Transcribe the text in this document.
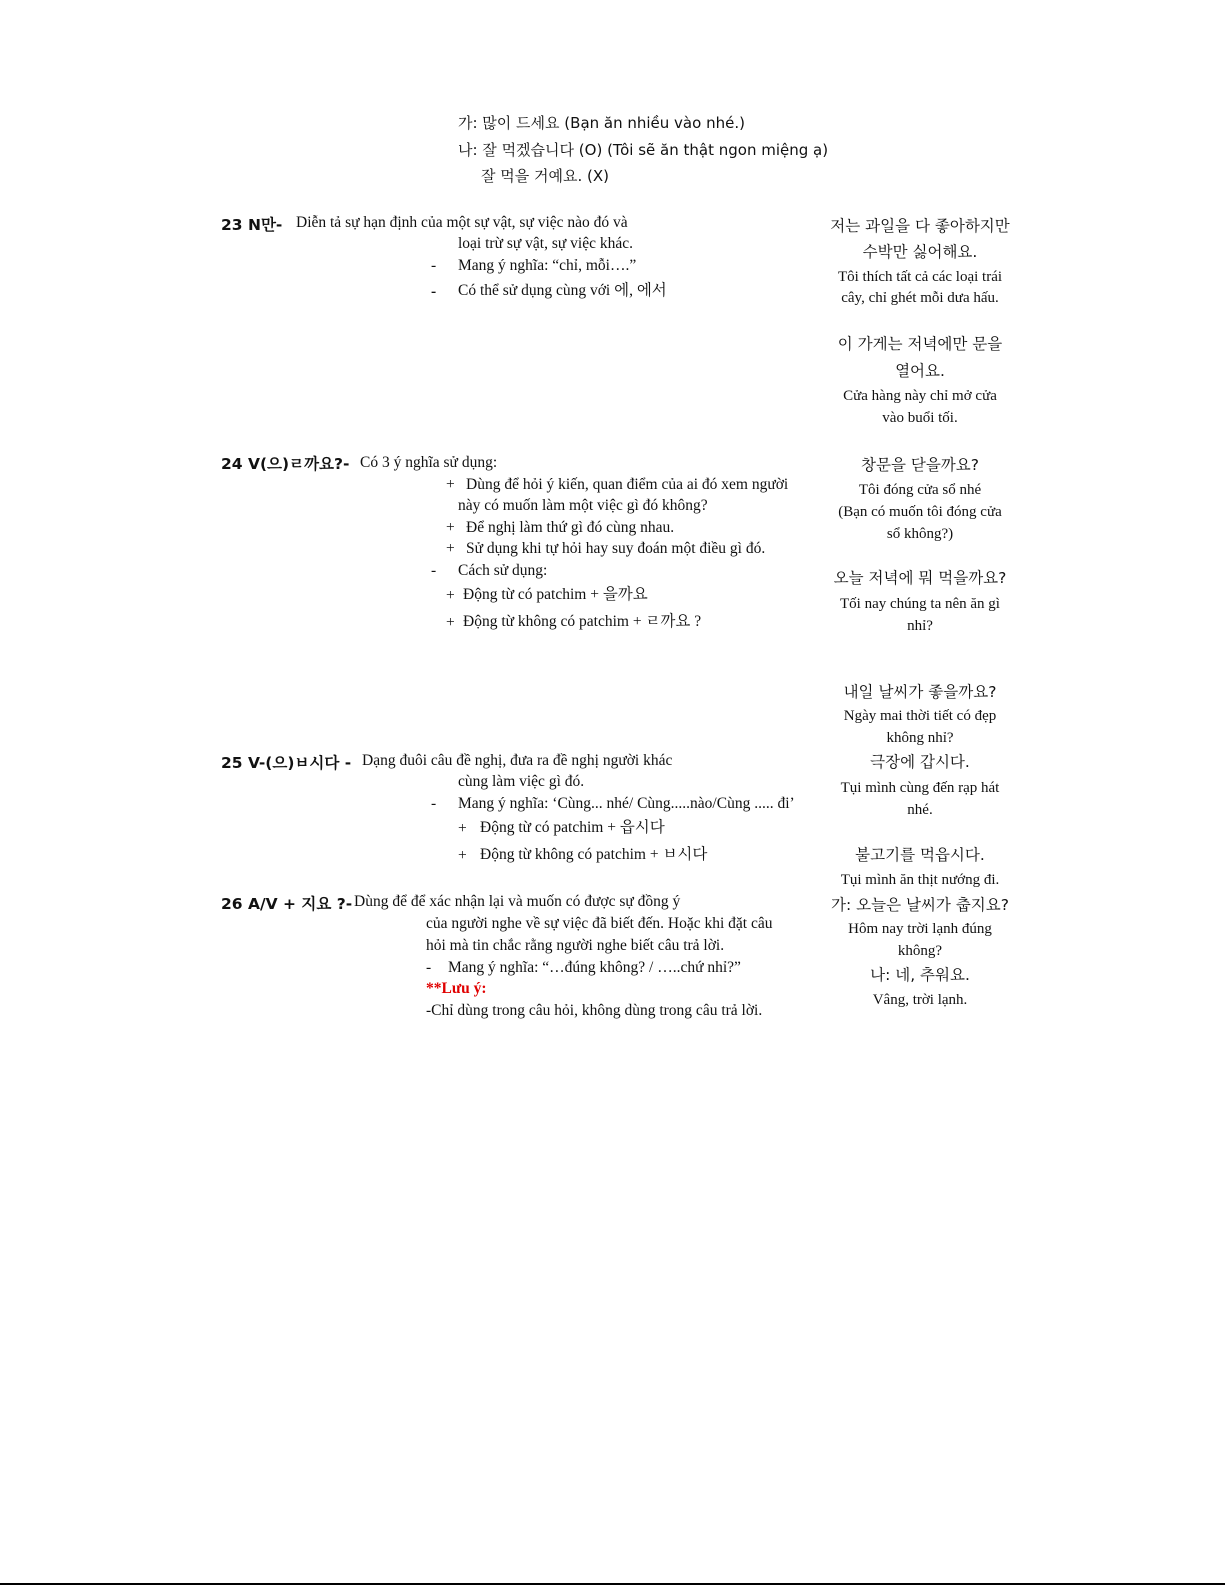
가: 많이 드세요 (Bạn ăn nhiều vào nhé.)
나: 잘 먹겠습니다 (O) (Tôi sẽ ăn thật ngon miệng ạ)
잘 먹을 거예요. (X)
23 N만- Diễn tả sự hạn định của một sự vật, sự việc nào đó và
loại trừ sự vật, sự việc khác.
- Mang ý nghĩa: “chỉ, mỗi….”
- Có thể sử dụng cùng với 에, 에서
저는 과일을 다 좋아하지만
수박만 싫어해요.
Tôi thích tất cả các loại trái
cây, chỉ ghét mỗi dưa hấu.
이 가게는 저녁에만 문을
열어요.
Cửa hàng này chỉ mở cửa
vào buổi tối.
24 V(으)ㄹ까요?- Có 3 ý nghĩa sử dụng:
+ Dùng để hỏi ý kiến, quan điểm của ai đó xem người
này có muốn làm một việc gì đó không?
+ Để nghị làm thứ gì đó cùng nhau.
+ Sử dụng khi tự hỏi hay suy đoán một điều gì đó.
- Cách sử dụng:
+ Động từ có patchim + 을까요
+ Động từ không có patchim + ㄹ까요 ?
창문을 닫을까요?
Tôi đóng cửa sổ nhé
(Bạn có muốn tôi đóng cửa
sổ không?)
오늘 저녁에 뭐 먹을까요?
Tối nay chúng ta nên ăn gì
nhỉ?
내일 날씨가 좋을까요?
Ngày mai thời tiết có đẹp
không nhỉ?
25 V-(으)ㅂ시다 - Dạng đuôi câu đề nghị, đưa ra đề nghị người khác
cùng làm việc gì đó.
- Mang ý nghĩa: ‘Cùng... nhé/ Cùng.....nào/Cùng ..... đi’
+ Động từ có patchim + 읍시다
+ Động từ không có patchim + ㅂ시다
극장에 갑시다.
Tụi mình cùng đến rạp hát
nhé.
불고기를 먹읍시다.
Tụi mình ăn thịt nướng đi.
26 A/V + 지요 ?- Dùng để để xác nhận lại và muốn có được sự đồng ý
của người nghe về sự việc đã biết đến. Hoặc khi đặt câu
hỏi mà tin chắc rằng người nghe biết câu trả lời.
- Mang ý nghĩa: “…đúng không? / …..chứ nhỉ?”
**Lưu ý:
-Chỉ dùng trong câu hỏi, không dùng trong câu trả lời.
가: 오늘은 날씨가 춥지요?
Hôm nay trời lạnh đúng
không?
나: 네, 추워요.
Vâng, trời lạnh.
